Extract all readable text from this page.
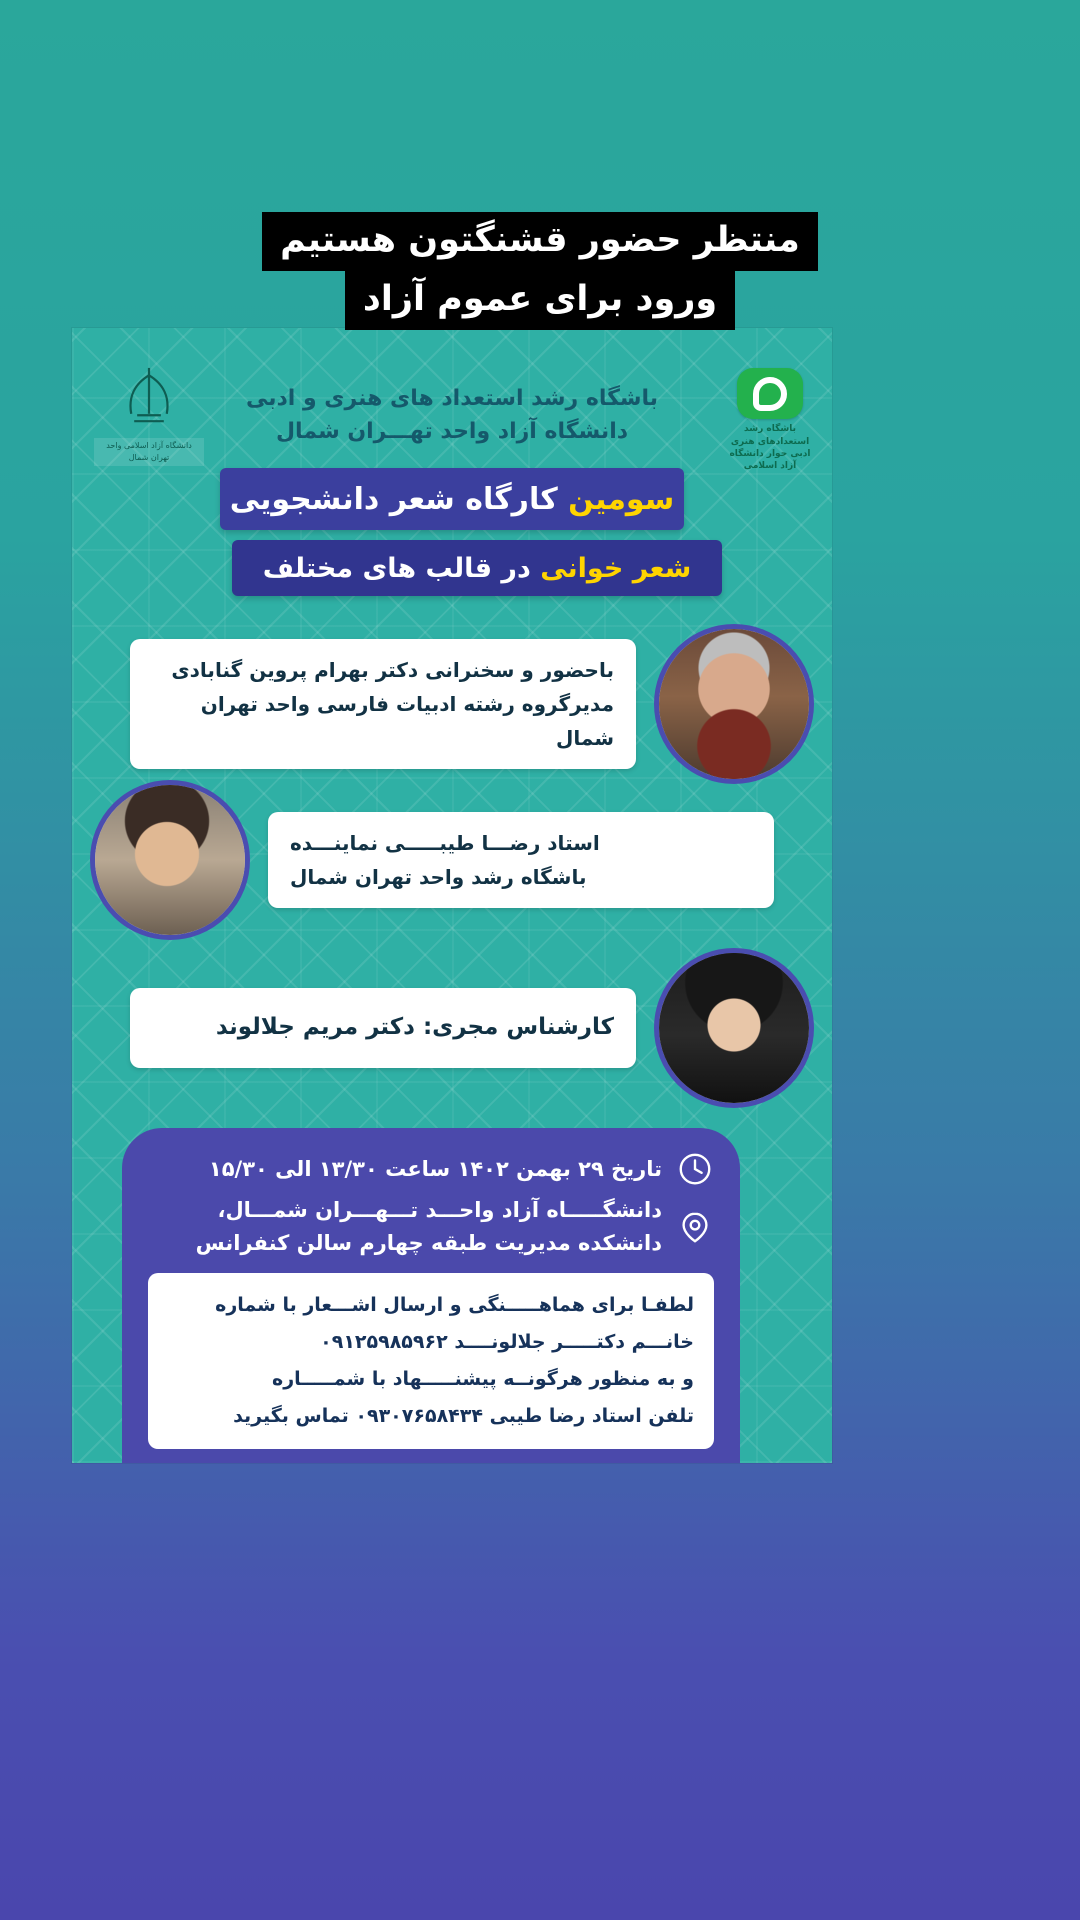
منتظر حضور قشنگتون هستیم
ورود برای عموم آزاد
باشگاه رشد استعدادهای هنری ادبی حوار دانشگاه آزاد اسلامی
دانشگاه آزاد اسلامی واحد تهران شمال
باشگاه رشد استعداد های هنری و ادبی
دانشگاه آزاد واحد تهـــران شمال
سومین کارگاه شعر دانشجویی
شعر خوانی در قالب های مختلف
باحضور و سخنرانی دکتر بهرام پروین گنابادی
مدیرگروه رشته ادبیات فارسی واحد تهران شمال
استاد رضـــا طیبـــــی نماینـــده
باشگاه رشد واحد تهران شمال
کارشناس مجری: دکتر مریم جلالوند
تاریخ ۲۹ بهمن ۱۴۰۲ ساعت ۱۳/۳۰ الی ۱۵/۳۰
دانشگـــــاه آزاد واحـــد تـــهـــران شمـــال،
دانشکده مدیریت طبقه چهارم سالن کنفرانس
لطفـا برای هماهـــــنگی و ارسال اشـــعار با شماره
خانـــم دکتـــــر جلالونــــد ۰۹۱۲۵۹۸۵۹۶۲
و به منظور هرگونــه پیشنـــــهاد با شمـــــاره
تلفن استاد رضا طیبی ۰۹۳۰۷۶۵۸۴۳۴ تماس بگیرید
